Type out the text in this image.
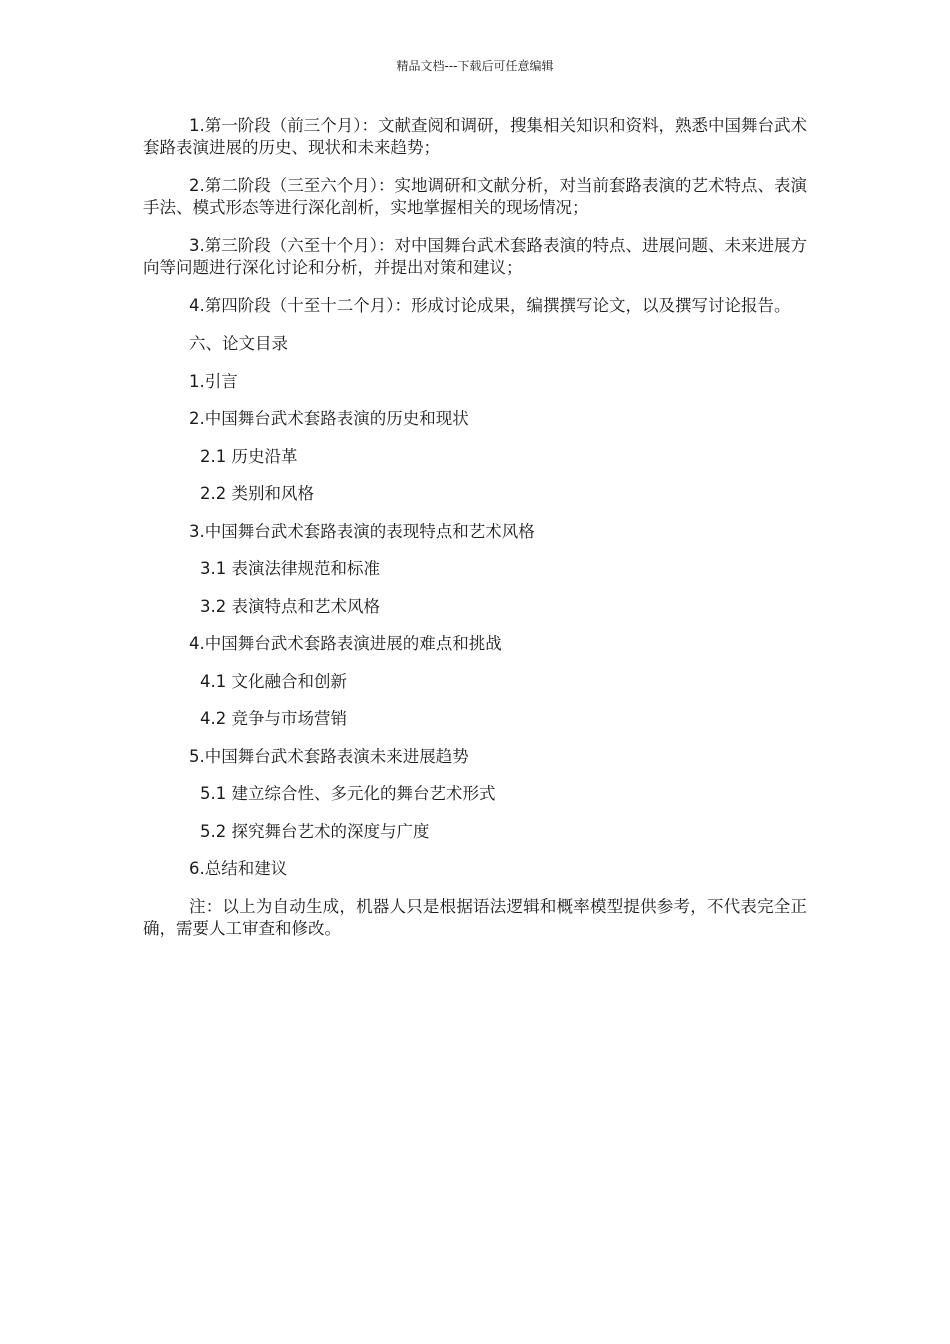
精品文档---下载后可任意编辑

1.第一阶段（前三个月）：文献查阅和调研，搜集相关知识和资料，熟悉中国舞台武术套路表演进展的历史、现状和未来趋势；

2.第二阶段（三至六个月）：实地调研和文献分析，对当前套路表演的艺术特点、表演手法、模式形态等进行深化剖析，实地掌握相关的现场情况；

3.第三阶段（六至十个月）：对中国舞台武术套路表演的特点、进展问题、未来进展方向等问题进行深化讨论和分析，并提出对策和建议；

4.第四阶段（十至十二个月）：形成讨论成果，编撰撰写论文，以及撰写讨论报告。

六、论文目录
1.引言
2.中国舞台武术套路表演的历史和现状
2.1 历史沿革
2.2 类别和风格
3.中国舞台武术套路表演的表现特点和艺术风格
3.1 表演法律规范和标准
3.2 表演特点和艺术风格
4.中国舞台武术套路表演进展的难点和挑战
4.1 文化融合和创新
4.2 竞争与市场营销
5.中国舞台武术套路表演未来进展趋势
5.1 建立综合性、多元化的舞台艺术形式
5.2 探究舞台艺术的深度与广度
6.总结和建议

注：以上为自动生成，机器人只是根据语法逻辑和概率模型提供参考，不代表完全正确，需要人工审查和修改。
